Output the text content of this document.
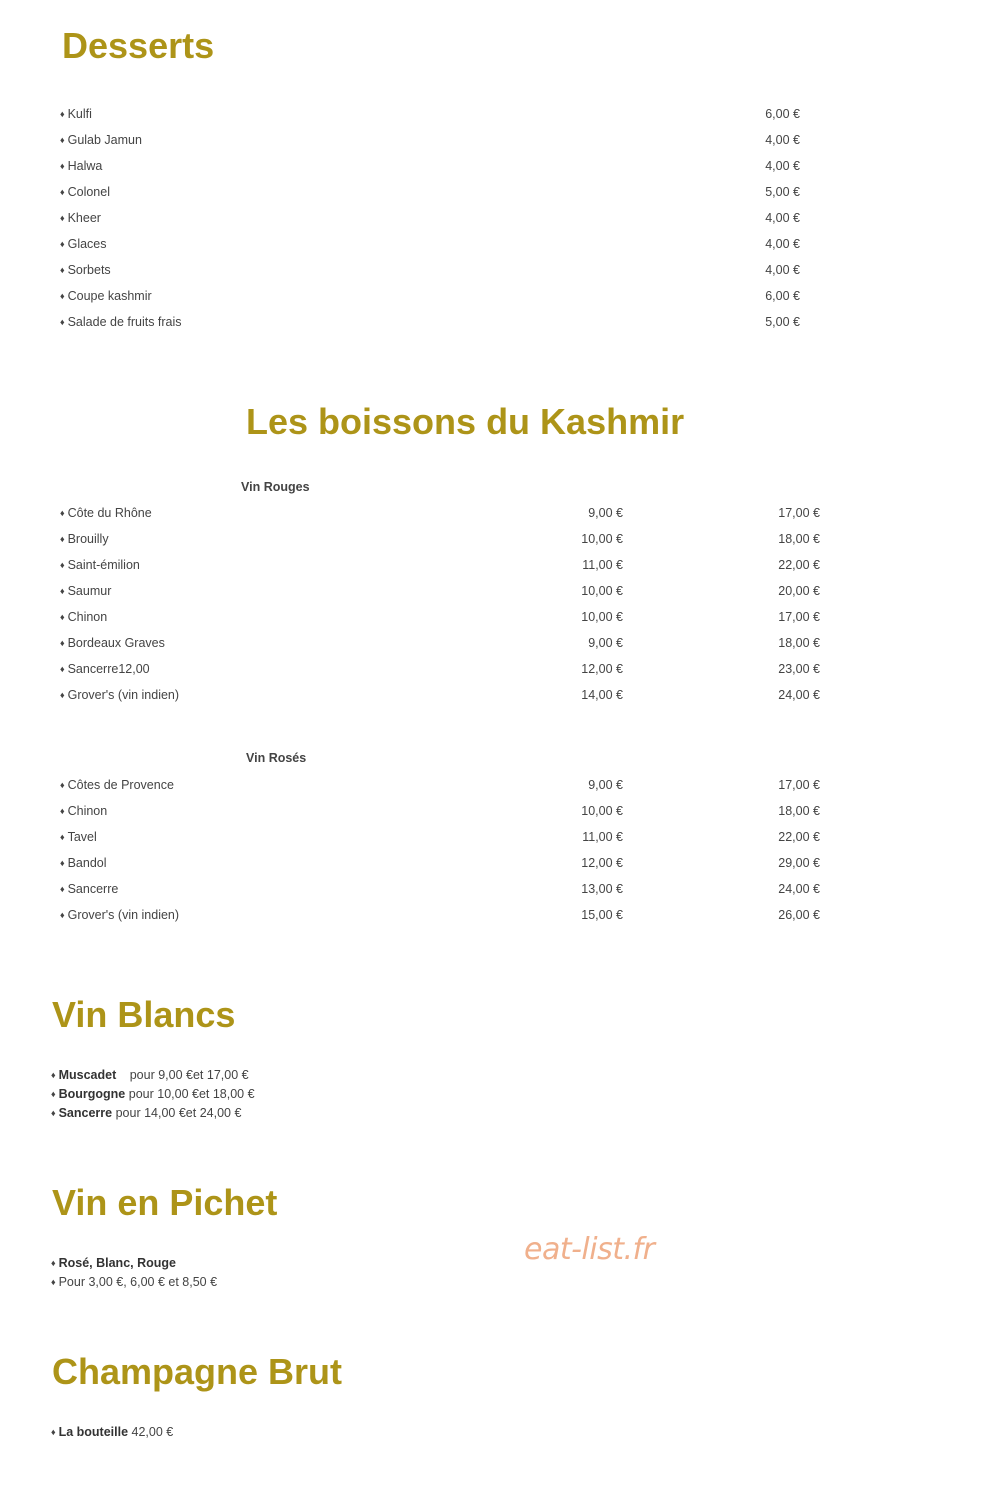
Desserts
♦ Kulfi	6,00 €
♦ Gulab Jamun	4,00 €
♦ Halwa	4,00 €
♦ Colonel	5,00 €
♦ Kheer	4,00 €
♦ Glaces	4,00 €
♦ Sorbets	4,00 €
♦ Coupe kashmir	6,00 €
♦ Salade de fruits frais	5,00 €
Les boissons du Kashmir
Vin Rouges
♦ Côte du Rhône	9,00 €	17,00 €
♦ Brouilly	10,00 €	18,00 €
♦ Saint-émilion	11,00 €	22,00 €
♦ Saumur	10,00 €	20,00 €
♦ Chinon	10,00 €	17,00 €
♦ Bordeaux Graves	9,00 €	18,00 €
♦ Sancerre12,00	12,00 €	23,00 €
♦ Grover's (vin indien)	14,00 €	24,00 €
Vin Rosés
♦ Côtes de Provence	9,00 €	17,00 €
♦ Chinon	10,00 €	18,00 €
♦ Tavel	11,00 €	22,00 €
♦ Bandol	12,00 €	29,00 €
♦ Sancerre	13,00 €	24,00 €
♦ Grover's (vin indien)	15,00 €	26,00 €
Vin Blancs
♦ Muscadet pour 9,00 €et 17,00 €
♦ Bourgogne pour 10,00 €et 18,00 €
♦ Sancerre pour 14,00 €et 24,00 €
Vin en Pichet
♦ Rosé, Blanc, Rouge
♦ Pour 3,00 €, 6,00 € et 8,50 €
Champagne Brut
♦ La bouteille 42,00 €
eat-list.fr
